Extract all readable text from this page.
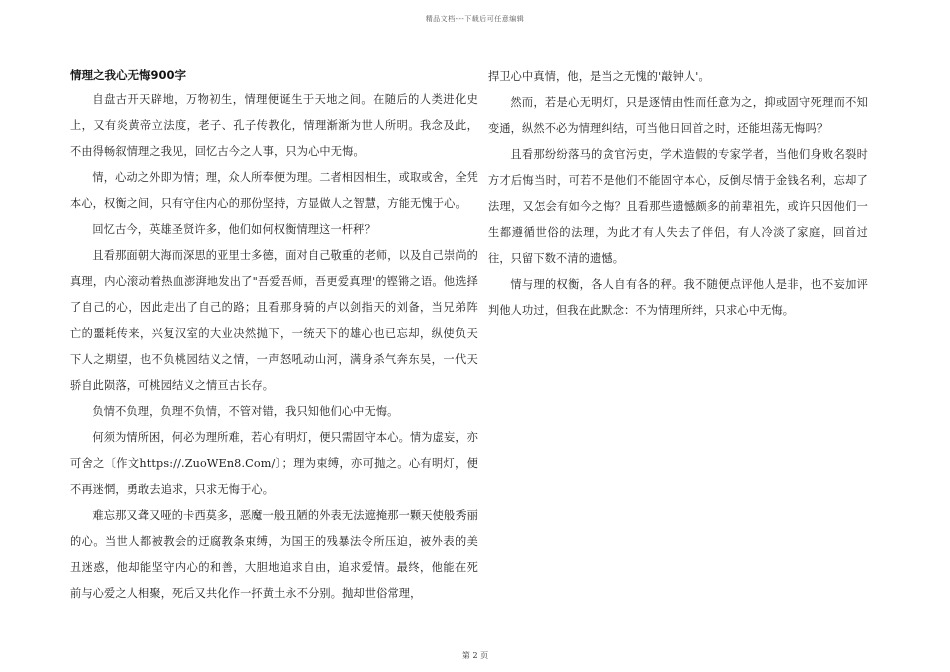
精品文档---下载后可任意编辑
情理之我心无悔900字

自盘古开天辟地，万物初生，情理便诞生于天地之间。在随后的人类进化史上，又有炎黄帝立法度，老子、孔子传教化，情理渐渐为世人所明。我念及此，不由得畅叙情理之我见，回忆古今之人事，只为心中无悔。

情，心动之外即为情；理，众人所奉便为理。二者相因相生，或取或舍，全凭本心，权衡之间，只有守住内心的那份坚持，方显做人之智慧，方能无愧于心。

回忆古今，英雄圣贤许多，他们如何权衡情理这一杆秤？

且看那面朝大海而深思的亚里士多德，面对自己敬重的老师，以及自己崇尚的真理，内心滚动着热血澎湃地发出了"吾爱吾师，吾更爱真理'的铿锵之语。他选择了自己的心，因此走出了自己的路；且看那身骑的卢以剑指天的刘备，当兄弟阵亡的噩耗传来，兴复汉室的大业决然抛下，一统天下的雄心也已忘却，纵使负天下人之期望，也不负桃园结义之情，一声怒吼动山河，满身杀气奔东吴，一代天骄自此陨落，可桃园结义之情亘古长存。

负情不负理，负理不负情，不管对错，我只知他们心中无悔。

何须为情所困，何必为理所难，若心有明灯，便只需固守本心。情为虚妄，亦可舍之〔作文https://.ZuoWEn8.Com/〕；理为束缚，亦可抛之。心有明灯，便不再迷惘，勇敢去追求，只求无悔于心。

难忘那又聋又哑的卡西莫多，恶魔一般丑陋的外表无法遮掩那一颗天使般秀丽的心。当世人都被教会的迂腐教条束缚，为国王的残暴法令所压迫，被外表的美丑迷惑，他却能坚守内心的和善，大胆地追求自由，追求爱情。最终，他能在死前与心爱之人相聚，死后又共化作一抔黄土永不分别。抛却世俗常理，

捍卫心中真情，他，是当之无愧的'敲钟人'。

然而，若是心无明灯，只是逐情由性而任意为之，抑或固守死理而不知变通，纵然不必为情理纠结，可当他日回首之时，还能坦荡无悔吗？

且看那纷纷落马的贪官污吏，学术造假的专家学者，当他们身败名裂时方才后悔当时，可若不是他们不能固守本心，反倒尽情于金钱名利，忘却了法理，又怎会有如今之悔？且看那些遗憾颇多的前辈祖先，或许只因他们一生都遵循世俗的法理，为此才有人失去了伴侣，有人冷淡了家庭，回首过往，只留下数不清的遗憾。

情与理的权衡，各人自有各的秤。我不随便点评他人是非，也不妄加评判他人功过，但我在此默念：不为情理所绊，只求心中无悔。

第 2 页
